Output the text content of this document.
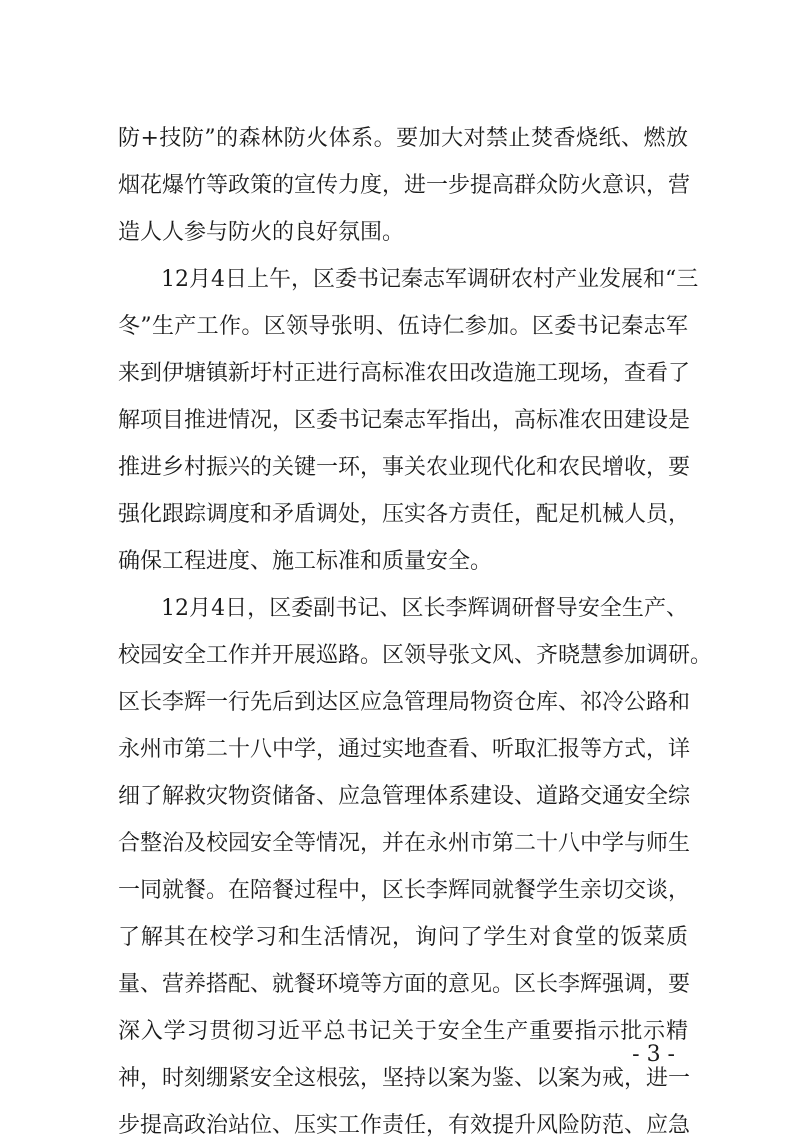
防+技防”的森林防火体系。要加大对禁止焚香烧纸、燃放
烟花爆竹等政策的宣传力度，进一步提高群众防火意识，营
造人人参与防火的良好氛围。
12月4日上午，区委书记秦志军调研农村产业发展和“三
冬”生产工作。区领导张明、伍诗仁参加。区委书记秦志军
来到伊塘镇新圩村正进行高标准农田改造施工现场，查看了
解项目推进情况，区委书记秦志军指出，高标准农田建设是
推进乡村振兴的关键一环，事关农业现代化和农民增收，要
强化跟踪调度和矛盾调处，压实各方责任，配足机械人员，
确保工程进度、施工标准和质量安全。
12月4日，区委副书记、区长李辉调研督导安全生产、
校园安全工作并开展巡路。区领导张文风、齐晓慧参加调研。
区长李辉一行先后到达区应急管理局物资仓库、祁冷公路和
永州市第二十八中学，通过实地查看、听取汇报等方式，详
细了解救灾物资储备、应急管理体系建设、道路交通安全综
合整治及校园安全等情况，并在永州市第二十八中学与师生
一同就餐。在陪餐过程中，区长李辉同就餐学生亲切交谈，
了解其在校学习和生活情况，询问了学生对食堂的饭菜质
量、营养搭配、就餐环境等方面的意见。区长李辉强调，要
深入学习贯彻习近平总书记关于安全生产重要指示批示精
神，时刻绷紧安全这根弦，坚持以案为鉴、以案为戒，进一
步提高政治站位、压实工作责任，有效提升风险防范、应急
- 3 -
